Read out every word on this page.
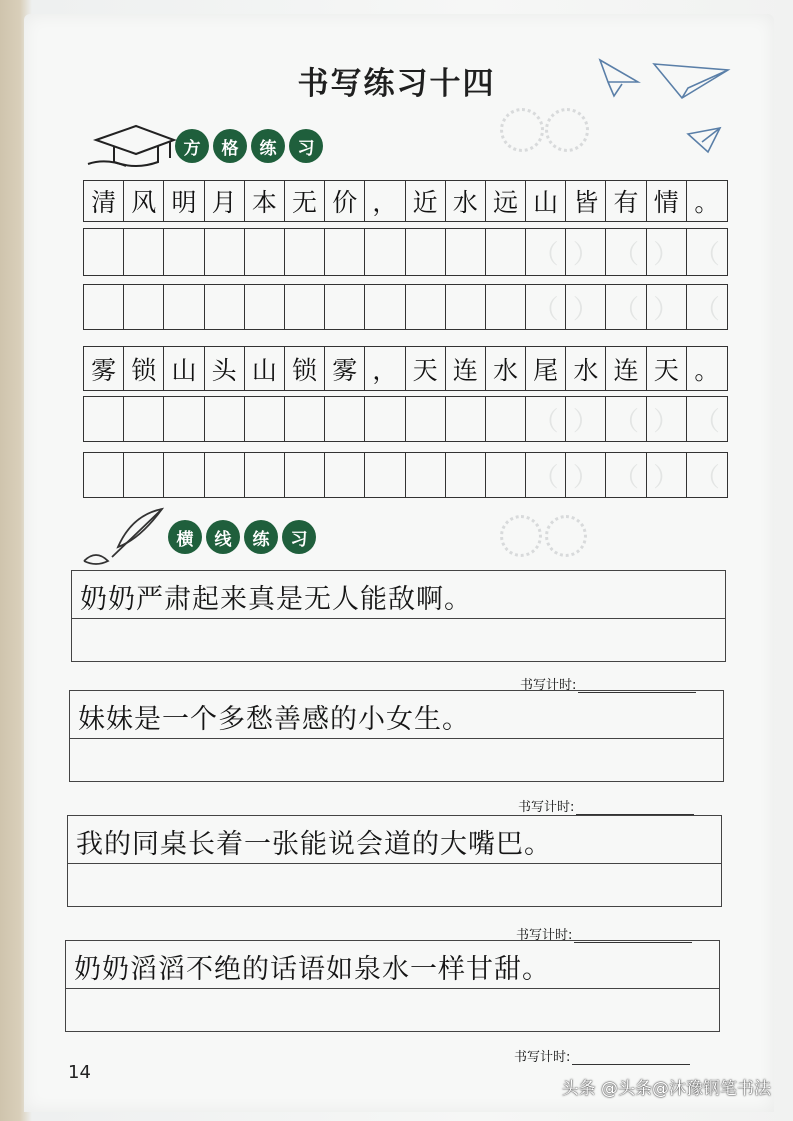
书写练习十四
方	格	练	习
清 风 明 月 本 无 价 ， 近 水 远 山 皆 有 情 。
（ ） （ ） （
（ ） （ ） （
雾 锁 山 头 山 锁 雾 ， 天 连 水 尾 水 连 天 。
（ ） （ ） （
（ ） （ ） （
横	线	练	习
奶奶严肃起来真是无人能敌啊。
书写计时:
妹妹是一个多愁善感的小女生。
书写计时:
我的同桌长着一张能说会道的大嘴巴。
书写计时:
奶奶滔滔不绝的话语如泉水一样甘甜。
书写计时:
14
头条 @头条@沐豫钢笔书法
